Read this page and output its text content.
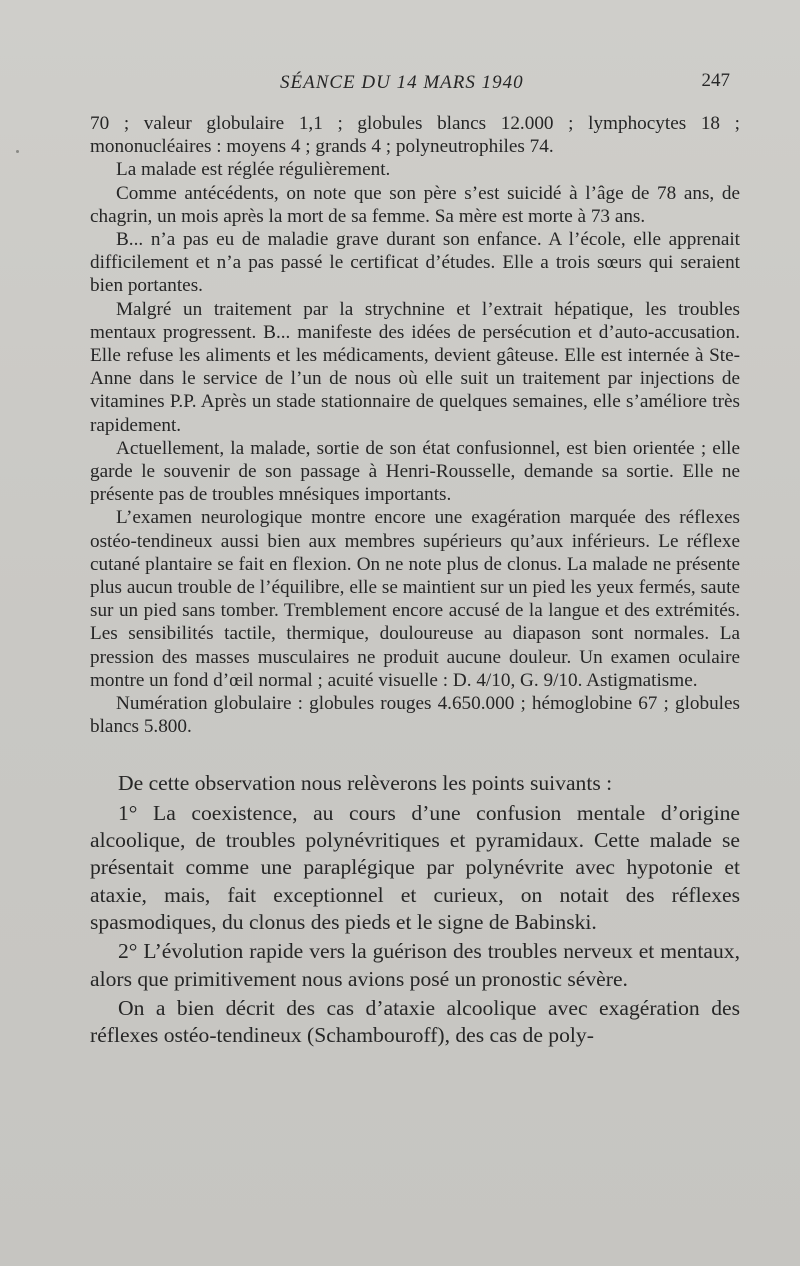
SÉANCE DU 14 MARS 1940	247

70 ; valeur globulaire 1,1 ; globules blancs 12.000 ; lymphocytes 18 ; mononucléaires : moyens 4 ; grands 4 ; polyneutrophiles 74.

La malade est réglée régulièrement.

Comme antécédents, on note que son père s’est suicidé à l’âge de 78 ans, de chagrin, un mois après la mort de sa femme. Sa mère est morte à 73 ans.

B... n’a pas eu de maladie grave durant son enfance. A l’école, elle apprenait difficilement et n’a pas passé le certificat d’études. Elle a trois sœurs qui seraient bien portantes.

Malgré un traitement par la strychnine et l’extrait hépatique, les troubles mentaux progressent. B... manifeste des idées de persécution et d’auto-accusation. Elle refuse les aliments et les médicaments, devient gâteuse. Elle est internée à Ste-Anne dans le service de l’un de nous où elle suit un traitement par injections de vitamines P.P. Après un stade stationnaire de quelques semaines, elle s’améliore très rapidement.

Actuellement, la malade, sortie de son état confusionnel, est bien orientée ; elle garde le souvenir de son passage à Henri-Rousselle, demande sa sortie. Elle ne présente pas de troubles mnésiques importants.

L’examen neurologique montre encore une exagération marquée des réflexes ostéo-tendineux aussi bien aux membres supérieurs qu’aux inférieurs. Le réflexe cutané plantaire se fait en flexion. On ne note plus de clonus. La malade ne présente plus aucun trouble de l’équilibre, elle se maintient sur un pied les yeux fermés, saute sur un pied sans tomber. Tremblement encore accusé de la langue et des extrémités. Les sensibilités tactile, thermique, douloureuse au diapason sont normales. La pression des masses musculaires ne produit aucune douleur. Un examen oculaire montre un fond d’œil normal ; acuité visuelle : D. 4/10, G. 9/10. Astigmatisme.

Numération globulaire : globules rouges 4.650.000 ; hémoglobine 67 ; globules blancs 5.800.

De cette observation nous relèverons les points suivants :

1° La coexistence, au cours d’une confusion mentale d’origine alcoolique, de troubles polynévritiques et pyramidaux. Cette malade se présentait comme une paraplégique par polynévrite avec hypotonie et ataxie, mais, fait exceptionnel et curieux, on notait des réflexes spasmodiques, du clonus des pieds et le signe de Babinski.

2° L’évolution rapide vers la guérison des troubles nerveux et mentaux, alors que primitivement nous avions posé un pronostic sévère.

On a bien décrit des cas d’ataxie alcoolique avec exagération des réflexes ostéo-tendineux (Schambouroff), des cas de poly-
